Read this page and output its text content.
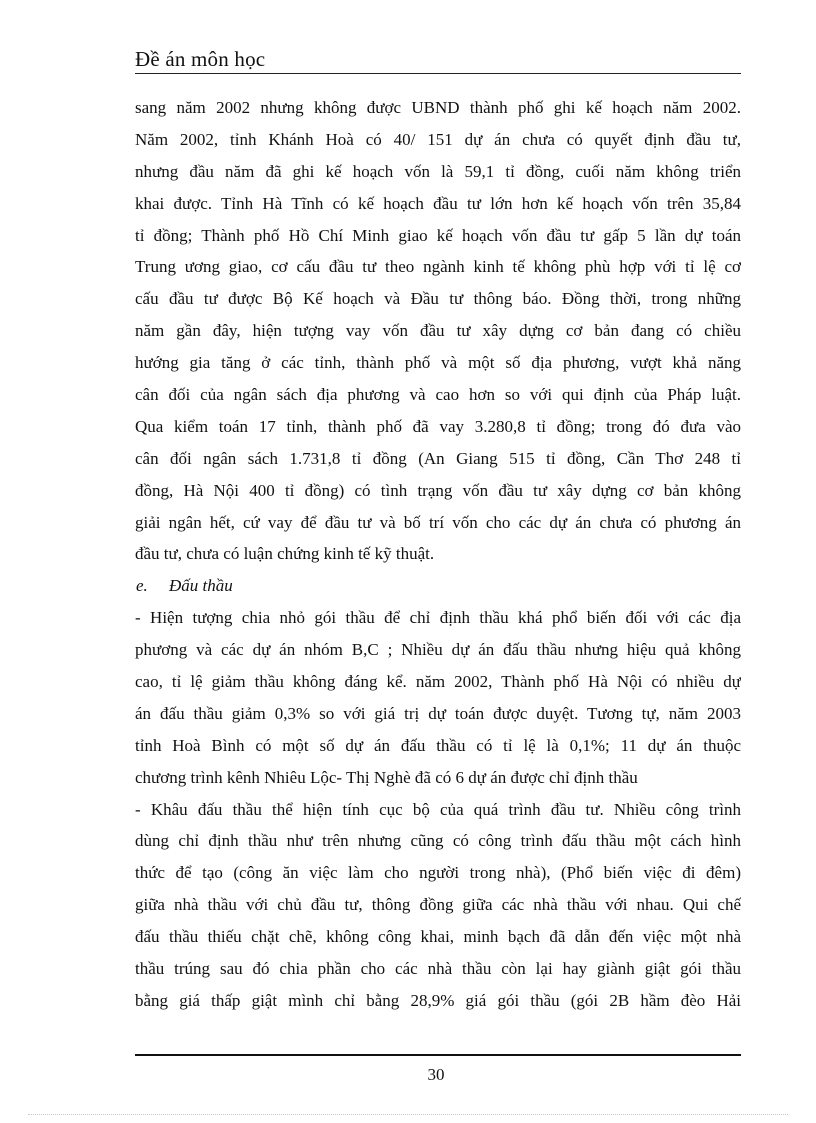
Đề án môn học
sang năm 2002 nhưng không được UBND thành phố ghi kế hoạch năm 2002.
Năm 2002, tỉnh Khánh Hoà có 40/ 151 dự án chưa có quyết định đầu tư,
nhưng đầu năm đã ghi kế hoạch vốn là 59,1 tỉ đồng, cuối năm không triển
khai được. Tỉnh Hà Tĩnh có kế hoạch đầu tư lớn hơn kế hoạch vốn trên 35,84
tỉ đồng; Thành phố Hồ Chí Minh giao kế hoạch vốn đầu tư gấp 5 lần dự toán
Trung ương giao, cơ cấu đầu tư theo ngành kinh tế không phù hợp với tỉ lệ cơ
cấu đầu tư được Bộ Kế hoạch và Đầu tư thông báo. Đồng thời, trong những
năm gần đây, hiện tượng vay vốn đầu tư xây dựng cơ bản đang có chiều
hướng gia tăng ở các tỉnh, thành phố và một số địa phương, vượt khả năng
cân đối của ngân sách địa phương và cao hơn so với qui định của Pháp luật.
Qua kiểm toán 17 tỉnh, thành phố đã vay 3.280,8 tỉ đồng; trong đó đưa vào
cân đối ngân sách 1.731,8 tỉ đồng (An Giang 515 tỉ đồng, Cần Thơ 248 tỉ
đồng, Hà Nội 400 tỉ đồng) có tình trạng vốn đầu tư xây dựng cơ bản không
giải ngân hết, cứ vay để đầu tư và bố trí vốn cho các dự án chưa có phương án
đầu tư, chưa có luận chứng kinh tế kỹ thuật.
e. Đấu thầu
- Hiện tượng chia nhỏ gói thầu để chỉ định thầu khá phổ biến đối với các địa
phương và các dự án nhóm B,C ; Nhiều dự án đấu thầu nhưng hiệu quả không
cao, tỉ lệ giảm thầu không đáng kể. năm 2002, Thành phố Hà Nội có nhiều dự
án đấu thầu giảm 0,3% so với giá trị dự toán được duyệt. Tương tự, năm 2003
tỉnh Hoà Bình có một số dự án đấu thầu có tỉ lệ là 0,1%; 11 dự án thuộc
chương trình kênh Nhiêu Lộc- Thị Nghè đã có 6 dự án được chỉ định thầu
- Khâu đấu thầu thể hiện tính cục bộ của quá trình đầu tư. Nhiều công trình
dùng chỉ định thầu như trên nhưng cũng có công trình đấu thầu một cách hình
thức để tạo (công ăn việc làm cho người trong nhà), (Phổ biến việc đi đêm)
giữa nhà thầu với chủ đầu tư, thông đồng giữa các nhà thầu với nhau. Qui chế
đấu thầu thiếu chặt chẽ, không công khai, minh bạch đã dẫn đến việc một nhà
thầu trúng sau đó chia phần cho các nhà thầu còn lại hay giành giật gói thầu
bằng giá thấp giật mình chỉ bằng 28,9% giá gói thầu (gói 2B hầm đèo Hải
30
